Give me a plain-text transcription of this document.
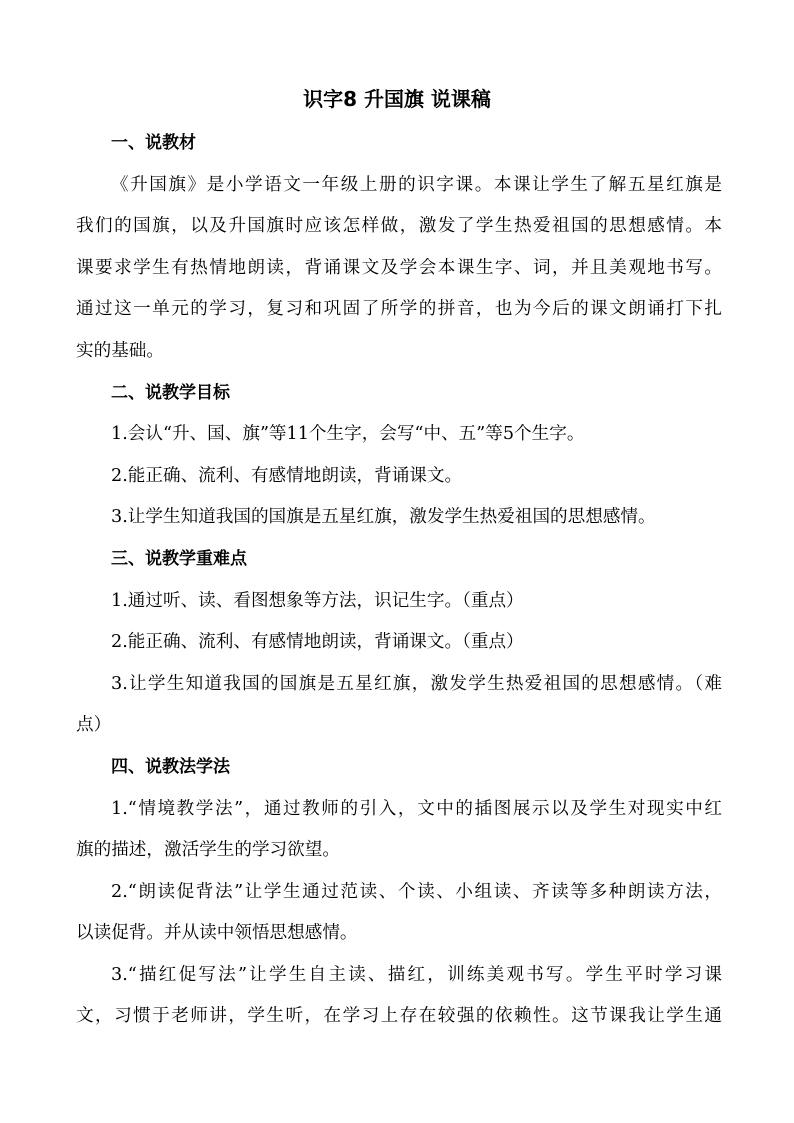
识字8 升国旗 说课稿
一、说教材
《升国旗》是小学语文一年级上册的识字课。本课让学生了解五星红旗是
我们的国旗，以及升国旗时应该怎样做，激发了学生热爱祖国的思想感情。本
课要求学生有热情地朗读，背诵课文及学会本课生字、词，并且美观地书写。
通过这一单元的学习，复习和巩固了所学的拼音，也为今后的课文朗诵打下扎
实的基础。
二、说教学目标
1.会认“升、国、旗”等11个生字，会写“中、五”等5个生字。
2.能正确、流利、有感情地朗读，背诵课文。
3.让学生知道我国的国旗是五星红旗，激发学生热爱祖国的思想感情。
三、说教学重难点
1.通过听、读、看图想象等方法，识记生字。（重点）
2.能正确、流利、有感情地朗读，背诵课文。（重点）
3.让学生知道我国的国旗是五星红旗，激发学生热爱祖国的思想感情。（难
点）
四、说教法学法
1.“情境教学法”，通过教师的引入，文中的插图展示以及学生对现实中红
旗的描述，激活学生的学习欲望。
2.“朗读促背法”让学生通过范读、个读、小组读、齐读等多种朗读方法，
以读促背。并从读中领悟思想感情。
3.“描红促写法”让学生自主读、描红，训练美观书写。学生平时学习课
文，习惯于老师讲，学生听，在学习上存在较强的依赖性。这节课我让学生通
